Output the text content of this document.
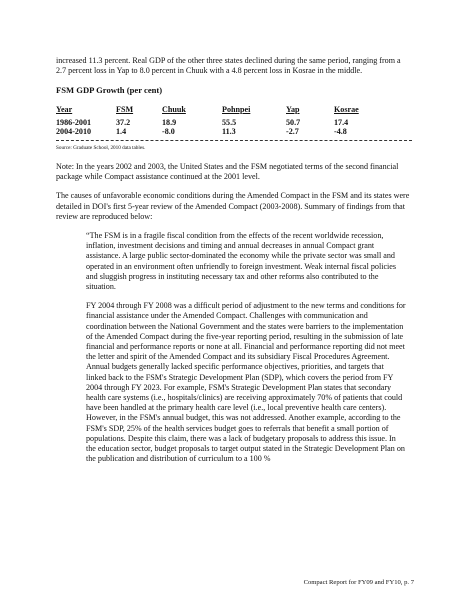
increased 11.3 percent. Real GDP of the other three states declined during the same period, ranging from a 2.7 percent loss in Yap to 8.0 percent in Chuuk with a 4.8 percent loss in Kosrae in the middle.

FSM GDP Growth (per cent)

Year	FSM	Chuuk	Pohnpei	Yap	Kosrae
1986-2001	37.2	18.9	55.5	50.7	17.4
2004-2010	1.4	-8.0	11.3	-2.7	-4.8

Source: Graduate School, 2010 data tables.

Note: In the years 2002 and 2003, the United States and the FSM negotiated terms of the second financial package while Compact assistance continued at the 2001 level.

The causes of unfavorable economic conditions during the Amended Compact in the FSM and its states were detailed in DOI's first 5-year review of the Amended Compact (2003-2008). Summary of findings from that review are reproduced below:

“The FSM is in a fragile fiscal condition from the effects of the recent worldwide recession, inflation, investment decisions and timing and annual decreases in annual Compact grant assistance. A large public sector-dominated the economy while the private sector was small and operated in an environment often unfriendly to foreign investment. Weak internal fiscal policies and sluggish progress in instituting necessary tax and other reforms also contributed to the situation.

FY 2004 through FY 2008 was a difficult period of adjustment to the new terms and conditions for financial assistance under the Amended Compact. Challenges with communication and coordination between the National Government and the states were barriers to the implementation of the Amended Compact during the five-year reporting period, resulting in the submission of late financial and performance reports or none at all. Financial and performance reporting did not meet the letter and spirit of the Amended Compact and its subsidiary Fiscal Procedures Agreement. Annual budgets generally lacked specific performance objectives, priorities, and targets that linked back to the FSM's Strategic Development Plan (SDP), which covers the period from FY 2004 through FY 2023. For example, FSM's Strategic Development Plan states that secondary health care systems (i.e., hospitals/clinics) are receiving approximately 70% of patients that could have been handled at the primary health care level (i.e., local preventive health care centers). However, in the FSM's annual budget, this was not addressed. Another example, according to the FSM's SDP, 25% of the health services budget goes to referrals that benefit a small portion of populations. Despite this claim, there was a lack of budgetary proposals to address this issue. In the education sector, budget proposals to target output stated in the Strategic Development Plan on the publication and distribution of curriculum to a 100 %

Compact Report for FY09 and FY10, p. 7
